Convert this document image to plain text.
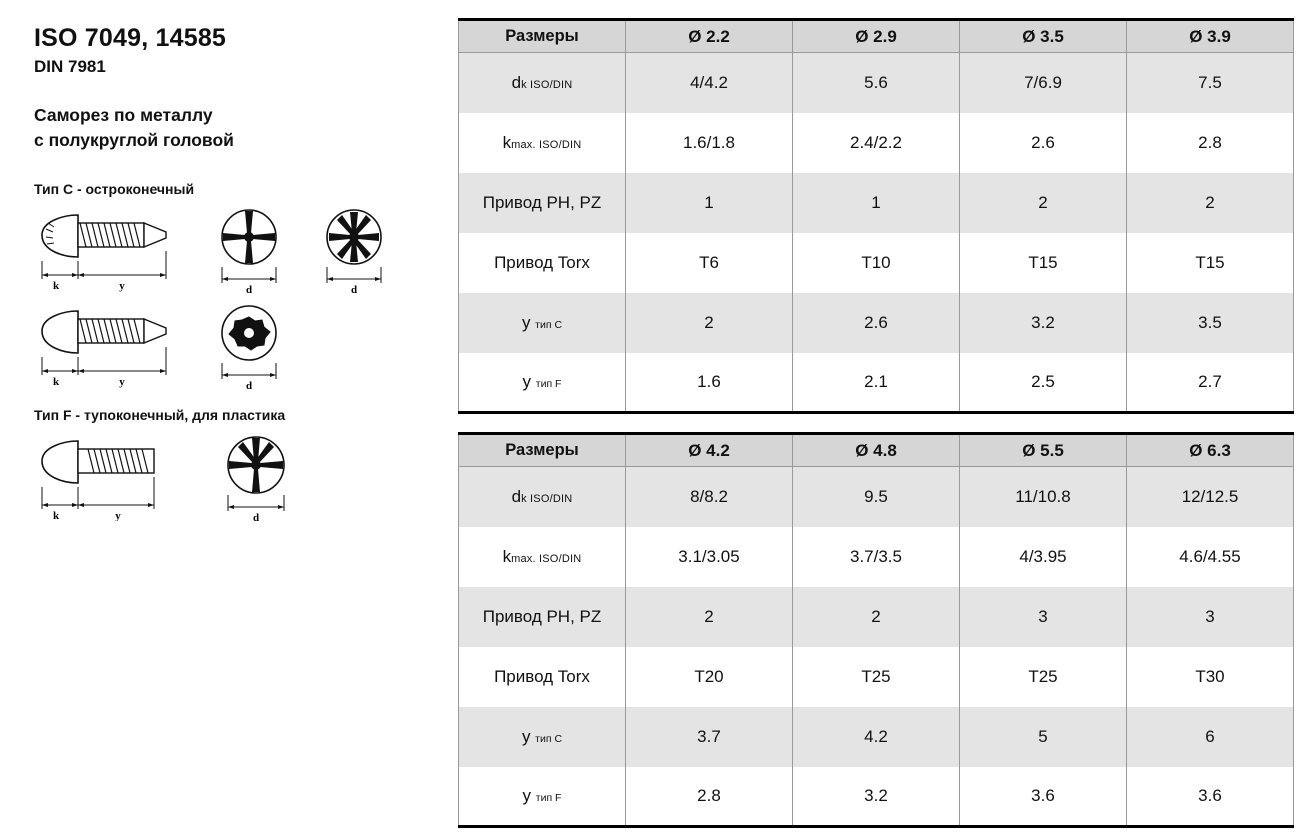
ISO 7049, 14585
DIN 7981
Саморез по металлу
с полукруглой головой
Тип C - остроконечный
k	y	d	d
k	y	d
Тип F - тупоконечный, для пластика
k	y	d
Размеры	Ø 2.2	Ø 2.9	Ø 3.5	Ø 3.9
dk ISO/DIN	4/4.2	5.6	7/6.9	7.5
kmax. ISO/DIN	1.6/1.8	2.4/2.2	2.6	2.8
Привод PH, PZ	1	1	2	2
Привод Torx	T6	T10	T15	T15
y тип C	2	2.6	3.2	3.5
y тип F	1.6	2.1	2.5	2.7
Размеры	Ø 4.2	Ø 4.8	Ø 5.5	Ø 6.3
dk ISO/DIN	8/8.2	9.5	11/10.8	12/12.5
kmax. ISO/DIN	3.1/3.05	3.7/3.5	4/3.95	4.6/4.55
Привод PH, PZ	2	2	3	3
Привод Torx	T20	T25	T25	T30
y тип C	3.7	4.2	5	6
y тип F	2.8	3.2	3.6	3.6
